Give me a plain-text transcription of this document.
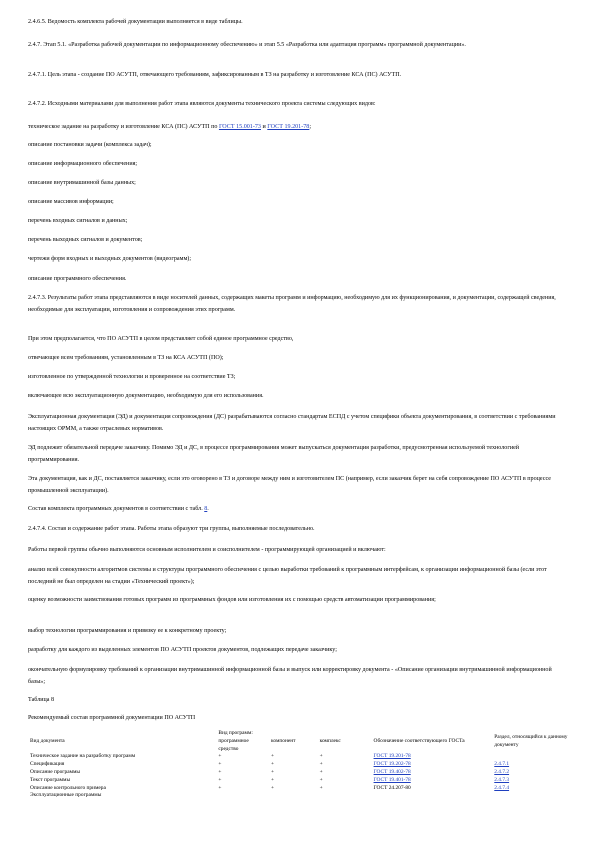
2.4.6.5. Ведомость комплекта рабочей документации выполняется в виде таблицы.

2.4.7. Этап 5.1. «Разработка рабочей документации по информационному обеспечению» и этап 5.5 «Разработка или адаптация программ» программной документации».

2.4.7.1. Цель этапа - создание ПО АСУТП, отвечающего требованиям, зафиксированным в ТЗ на разработку и изготовление КСА (ПС) АСУТП.

2.4.7.2. Исходными материалами для выполнения работ этапа являются документы технического проекта системы следующих видов:

техническое задание на разработку и изготовление КСА (ПС) АСУТП по ГОСТ 15.001-73 и ГОСТ 19.201-78;

описание постановки задачи (комплекса задач);

описание информационного обеспечения;

описание внутримашинной базы данных;

описание массивов информации;

перечень входных сигналов и данных;

перечень выходных сигналов и документов;

чертежи форм входных и выходных документов (видеограмм);

описание программного обеспечения.

2.4.7.3. Результаты работ этапа представляются в виде носителей данных, содержащих макеты программ и информацию, необходимую для их функционирования, и документации, содержащей сведения, необходимые для эксплуатации, изготовления и сопровождения этих программ.

При этом предполагается, что ПО АСУТП в целом представляет собой единое программное средство,

отвечающее всем требованиям, установленным в ТЗ на КСА АСУТП (ПО);

изготовленное по утвержденной технологии и проверенное на соответствие ТЗ;

включающее всю эксплуатационную документацию, необходимую для его использования.

Эксплуатационная документация (ЭД) и документация сопровождения (ДС) разрабатываются согласно стандартам ЕСПД с учетом специфики объекта документирования, в соответствии с требованиями настоящих ОРММ, а также отраслевых нормативов.

ЭД подлежит обязательной передаче заказчику. Помимо ЭД и ДС, в процессе программирования может выпускаться документация разработки, предусмотренная используемой технологией программирования.

Эта документация, как и ДС, поставляется заказчику, если это оговорено в ТЗ и договоре между ним и изготовителем ПС (например, если заказчик берет на себя сопровождение ПО АСУТП в процессе промышленной эксплуатации).

Состав комплекта программных документов в соответствии с табл. 8.

2.4.7.4. Состав и содержание работ этапа. Работы этапа образуют три группы, выполняемые последовательно.

Работы первой группы обычно выполняются основным исполнителем и соисполнителем - программирующей организацией и включают:

анализ всей совокупности алгоритмов системы и структуры программного обеспечения с целью выработки требований к программным интерфейсам, к организации информационной базы (если этот последний не был определен на стадии «Технический проект»);

оценку возможности заимствования готовых программ из программных фондов или изготовления их с помощью средств автоматизации программирования;

выбор технологии программирования и привязку ее к конкретному проекту;

разработку для каждого из выделенных элементов ПО АСУТП проектов документов, подлежащих передаче заказчику;

окончательную формулировку требований к организации внутримашинной информационной базы и выпуск или корректировку документа - «Описание организации внутримашинной информационной базы»;

Таблица 8

Рекомендуемый состав программной документации ПО АСУТП

Вид документа	Вид программ: программное средство	компонент	комплекс	Обозначение соответствующего ГОСТа	Раздел, относящийся к данному документу
Техническое задание на разработку программ	+	+	+	ГОСТ 19.201-78	
Спецификация	+	+	+	ГОСТ 19.202-78	2.4.7.1
Описание программы	+	+	+	ГОСТ 19.402-78	2.4.7.2
Текст программы	+	+	+	ГОСТ 19.401-78	2.4.7.3
Описание контрольного примера	+	+	+	ГОСТ 24.207-80	2.4.7.4
Эксплуатационные программы					
